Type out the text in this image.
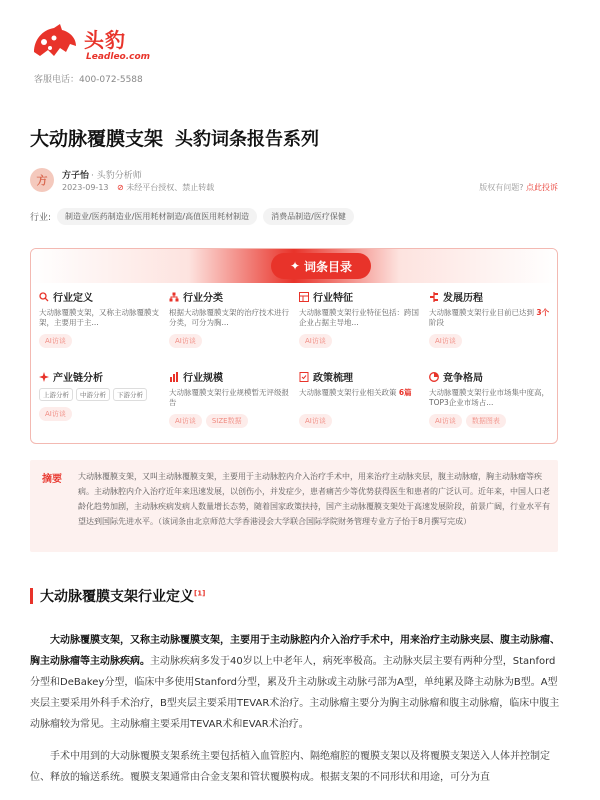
头豹
Leadleo.com
客服电话：400-072-5588
大动脉覆膜支架 头豹词条报告系列
方	方子怡 · 头豹分析师
2023-09-13 ⊘ 未经平台授权、禁止转载	版权有问题? 点此投诉
行业:	制造业/医药制造业/医用耗材制造/高值医用耗材制造	消费品制造/医疗保健
✦ 词条目录
行业定义
大动脉覆膜支架，又称主动脉覆膜支架，主要用于主...
AI访谈
行业分类
根据大动脉覆膜支架的治疗技术进行分类，可分为胸...
AI访谈
行业特征
大动脉覆膜支架行业特征包括：跨国企业占据主导地...
AI访谈
发展历程
大动脉覆膜支架行业目前已达到 3个阶段
AI访谈
产业链分析
上游分析	中游分析	下游分析
AI访谈
行业规模
大动脉覆膜支架行业规模暂无评级报告
AI访谈	SIZE数据
政策梳理
大动脉覆膜支架行业相关政策 6篇
AI访谈
竞争格局
大动脉覆膜支架行业市场集中度高，TOP3企业市场占...
AI访谈	数据图表
摘要 大动脉覆膜支架，又叫主动脉覆膜支架，主要用于主动脉腔内介入治疗手术中，用来治疗主动脉夹层，腹主动脉瘤，胸主动脉瘤等疾病。主动脉腔内介入治疗近年来迅速发展，以创伤小，并发症少，患者痛苦少等优势获得医生和患者的广泛认可。近年来，中国人口老龄化趋势加剧，主动脉疾病发病人数量增长态势，随着国家政策扶持，国产主动脉覆膜支架处于高速发展阶段，前景广阔，行业水平有望达到国际先进水平。（该词条由北京师范大学香港浸会大学联合国际学院财务管理专业方子怡于8月撰写完成）
大动脉覆膜支架行业定义[1]
大动脉覆膜支架，又称主动脉覆膜支架，主要用于主动脉腔内介入治疗手术中，用来治疗主动脉夹层、腹主动脉瘤、胸主动脉瘤等主动脉疾病。主动脉疾病多发于40岁以上中老年人，病死率极高。主动脉夹层主要有两种分型，Stanford分型和DeBakey分型，临床中多使用Stanford分型，累及升主动脉或主动脉弓部为A型，单纯累及降主动脉为B型。A型夹层主要采用外科手术治疗，B型夹层主要采用TEVAR术治疗。主动脉瘤主要分为胸主动脉瘤和腹主动脉瘤，临床中腹主动脉瘤较为常见。主动脉瘤主要采用TEVAR术和EVAR术治疗。
手术中用到的大动脉覆膜支架系统主要包括植入血管腔内、隔绝瘤腔的覆膜支架以及将覆膜支架送入人体并控制定位、释放的输送系统。覆膜支架通常由合金支架和管状覆膜构成。根据支架的不同形状和用途，可分为直
